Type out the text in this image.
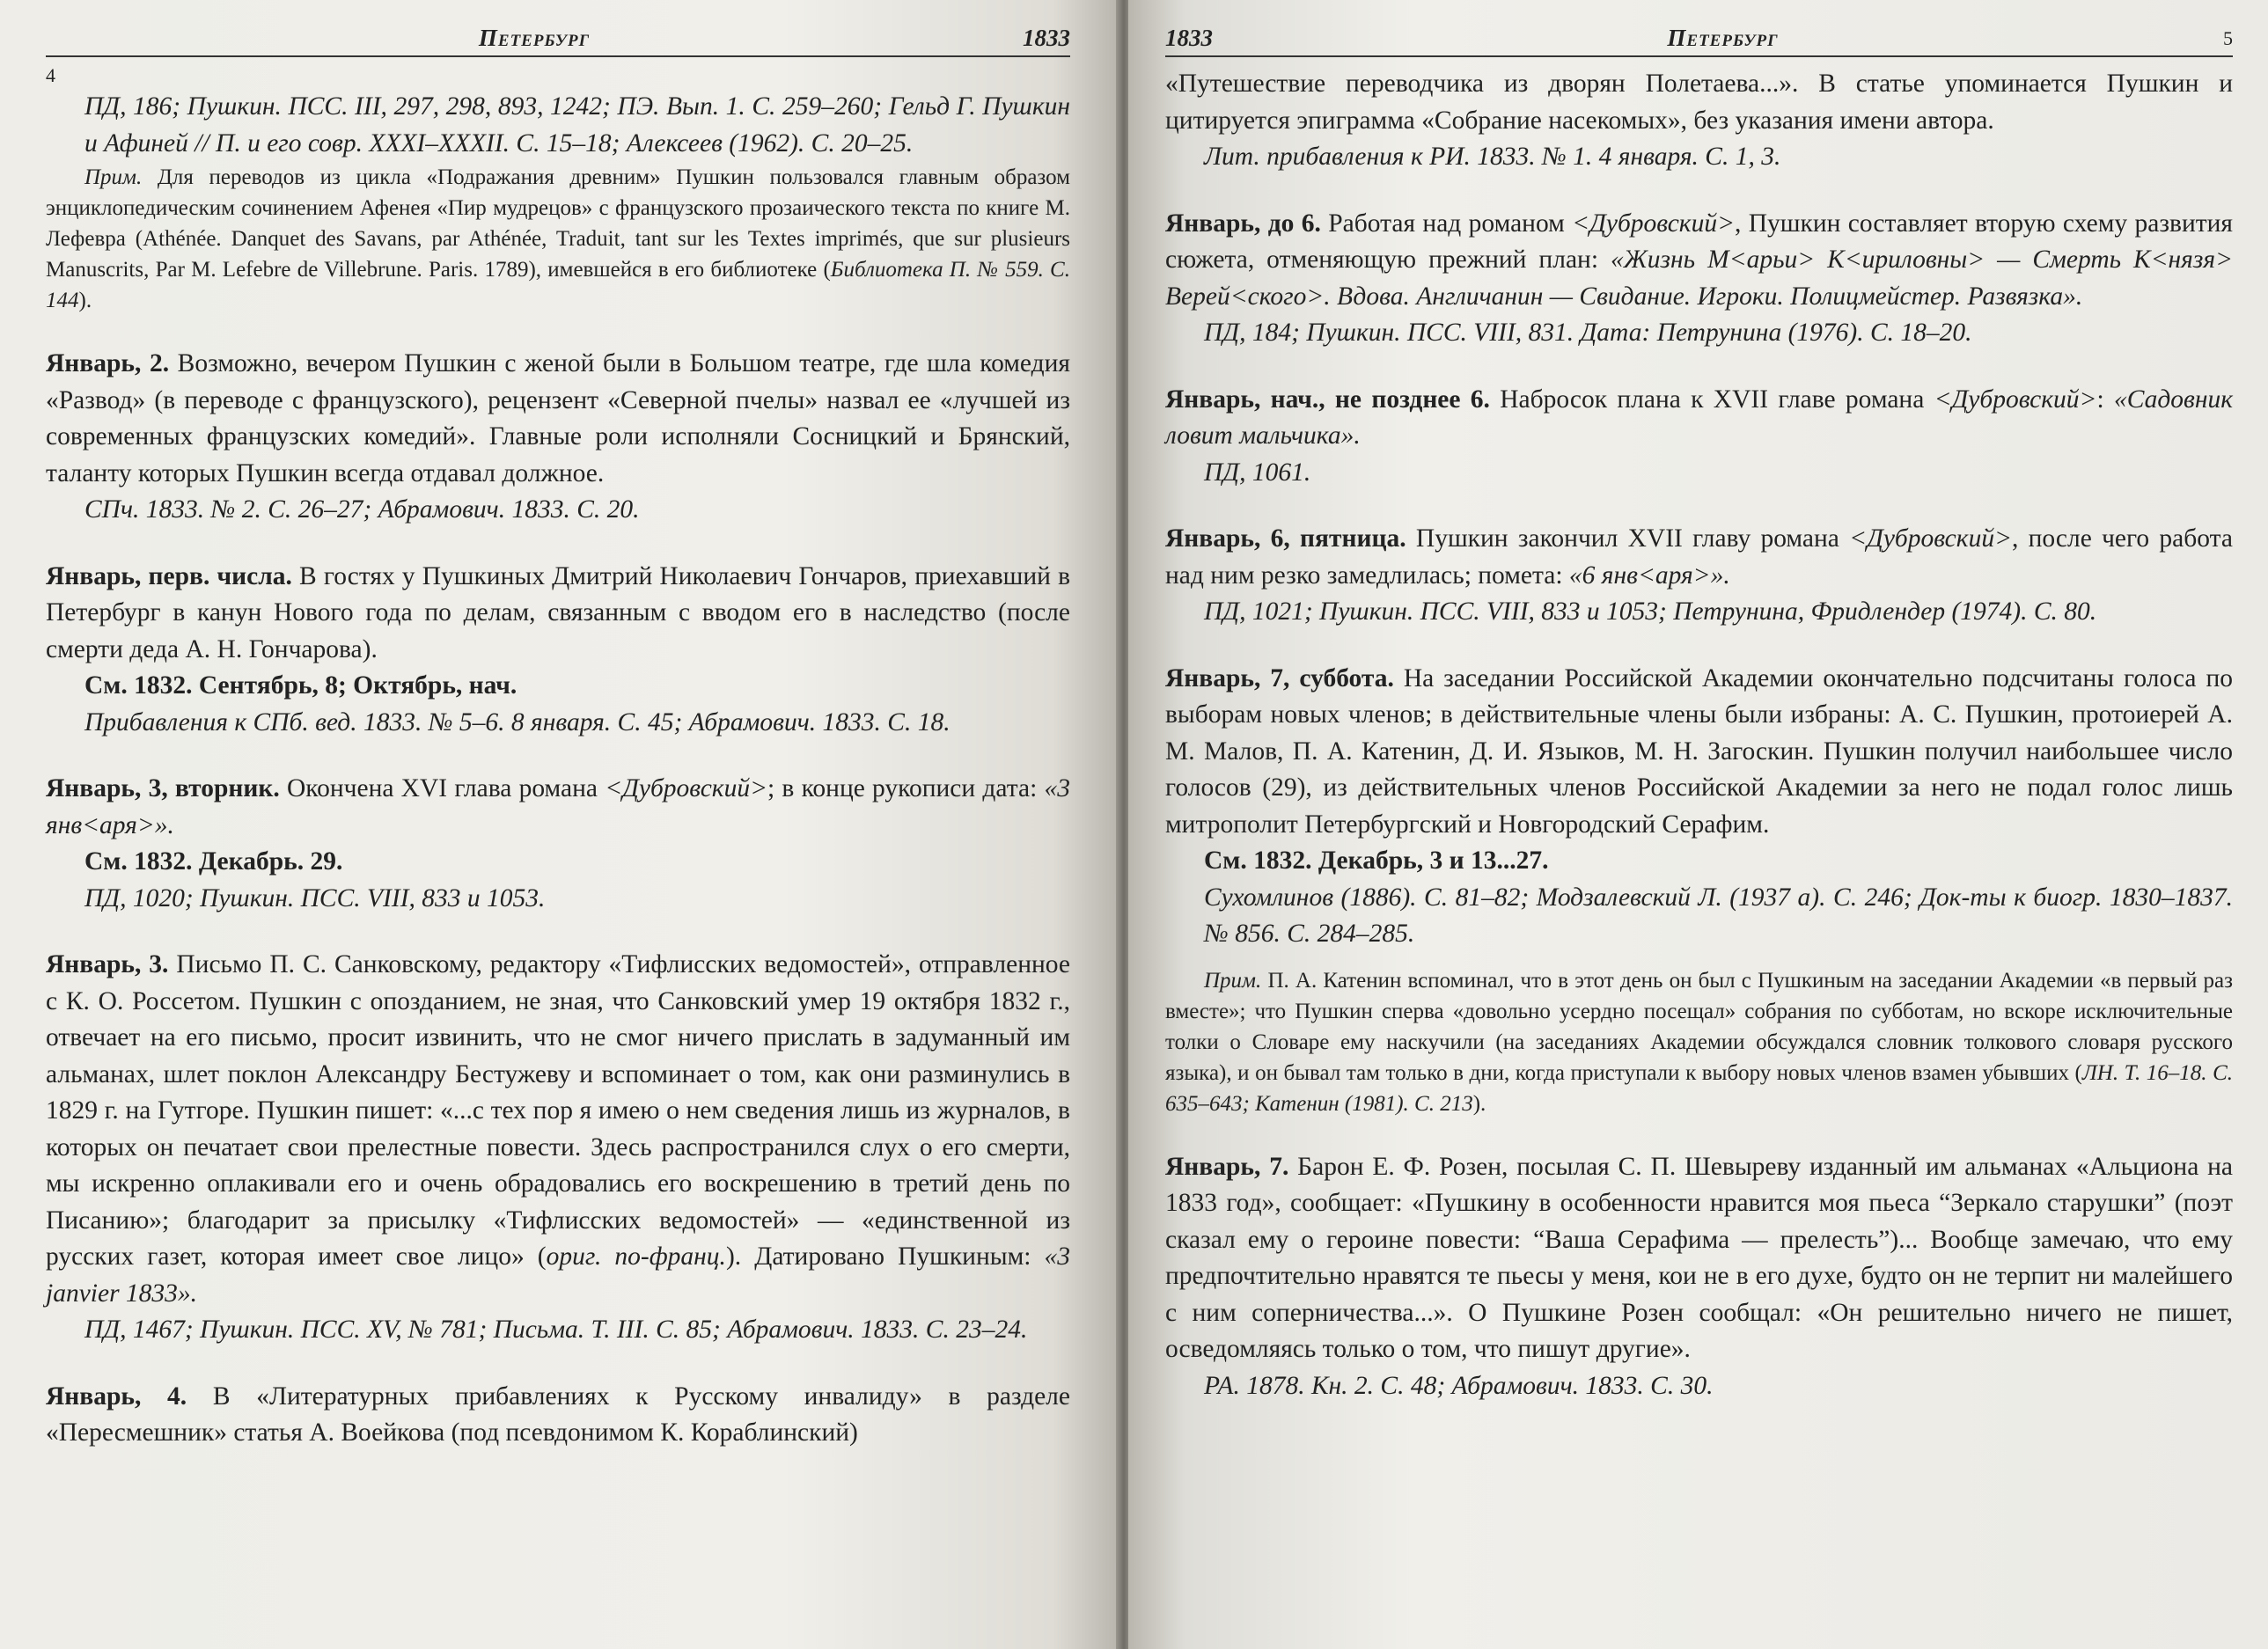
Петербург	1833
4

ПД, 186; Пушкин. ПСС. III, 297, 298, 893, 1242; ПЭ. Вып. 1. С. 259–260; Гельд Г. Пушкин и Афиней // П. и его совр. XXXI–XXXII. С. 15–18; Алексеев (1962). С. 20–25.

Прим. Для переводов из цикла «Подражания древним» Пушкин пользовался главным образом энциклопедическим сочинением Афенея «Пир мудрецов» с французского прозаического текста по книге М. Лефевра (Athénée. Danquet des Savans, par Athénée, Traduit, tant sur les Textes imprimés, que sur plusieurs Manuscrits, Par M. Lefebre de Villebrune. Paris. 1789), имевшейся в его библиотеке (Библиотека П. № 559. С. 144).

Январь, 2. Возможно, вечером Пушкин с женой были в Большом театре, где шла комедия «Развод» (в переводе с французского), рецензент «Северной пчелы» назвал ее «лучшей из современных французских комедий». Главные роли исполняли Сосницкий и Брянский, таланту которых Пушкин всегда отдавал должное.

СПч. 1833. № 2. С. 26–27; Абрамович. 1833. С. 20.

Январь, перв. числа. В гостях у Пушкиных Дмитрий Николаевич Гончаров, приехавший в Петербург в канун Нового года по делам, связанным с вводом его в наследство (после смерти деда А. Н. Гончарова).

См. 1832. Сентябрь, 8; Октябрь, нач.

Прибавления к СПб. вед. 1833. № 5–6. 8 января. С. 45; Абрамович. 1833. С. 18.

Январь, 3, вторник. Окончена XVI глава романа <Дубровский>; в конце рукописи дата: «3 янв<аря>».

См. 1832. Декабрь. 29.

ПД, 1020; Пушкин. ПСС. VIII, 833 и 1053.

Январь, 3. Письмо П. С. Санковскому, редактору «Тифлисских ведомостей», отправленное с К. О. Россетом. Пушкин с опозданием, не зная, что Санковский умер 19 октября 1832 г., отвечает на его письмо, просит извинить, что не смог ничего прислать в задуманный им альманах, шлет поклон Александру Бестужеву и вспоминает о том, как они разминулись в 1829 г. на Гутгоре. Пушкин пишет: «...с тех пор я имею о нем сведения лишь из журналов, в которых он печатает свои прелестные повести. Здесь распространился слух о его смерти, мы искренно оплакивали его и очень обрадовались его воскрешению в третий день по Писанию»; благодарит за присылку «Тифлисских ведомостей» — «единственной из русских газет, которая имеет свое лицо» (ориг. по-франц.). Датировано Пушкиным: «3 janvier 1833».

ПД, 1467; Пушкин. ПСС. XV, № 781; Письма. Т. III. С. 85; Абрамович. 1833. С. 23–24.

Январь, 4. В «Литературных прибавлениях к Русскому инвалиду» в разделе «Пересмешник» статья А. Воейкова (под псевдонимом К. Кораблинский)

1833	Петербург	5

«Путешествие переводчика из дворян Полетаева...». В статье упоминается Пушкин и цитируется эпиграмма «Собрание насекомых», без указания имени автора.

Лит. прибавления к РИ. 1833. № 1. 4 января. С. 1, 3.

Январь, до 6. Работая над романом <Дубровский>, Пушкин составляет вторую схему развития сюжета, отменяющую прежний план: «Жизнь М<арьи> К<ириловны> — Смерть К<нязя> Верей<ского>. Вдова. Англичанин — Свидание. Игроки. Полицмейстер. Развязка».

ПД, 184; Пушкин. ПСС. VIII, 831. Дата: Петрунина (1976). С. 18–20.

Январь, нач., не позднее 6. Набросок плана к XVII главе романа <Дубровский>: «Садовник ловит мальчика».

ПД, 1061.

Январь, 6, пятница. Пушкин закончил XVII главу романа <Дубровский>, после чего работа над ним резко замедлилась; помета: «6 янв<аря>».

ПД, 1021; Пушкин. ПСС. VIII, 833 и 1053; Петрунина, Фридлендер (1974). С. 80.

Январь, 7, суббота. На заседании Российской Академии окончательно подсчитаны голоса по выборам новых членов; в действительные члены были избраны: А. С. Пушкин, протоиерей А. М. Малов, П. А. Катенин, Д. И. Языков, М. Н. Загоскин. Пушкин получил наибольшее число голосов (29), из действительных членов Российской Академии за него не подал голос лишь митрополит Петербургский и Новгородский Серафим.

См. 1832. Декабрь, 3 и 13...27.

Сухомлинов (1886). С. 81–82; Модзалевский Л. (1937 а). С. 246; Док-ты к биогр. 1830–1837. № 856. С. 284–285.

Прим. П. А. Катенин вспоминал, что в этот день он был с Пушкиным на заседании Академии «в первый раз вместе»; что Пушкин сперва «довольно усердно посещал» собрания по субботам, но вскоре исключительные толки о Словаре ему наскучили (на заседаниях Академии обсуждался словник толкового словаря русского языка), и он бывал там только в дни, когда приступали к выбору новых членов взамен убывших (ЛН. Т. 16–18. С. 635–643; Катенин (1981). С. 213).

Январь, 7. Барон Е. Ф. Розен, посылая С. П. Шевыреву изданный им альманах «Альциона на 1833 год», сообщает: «Пушкину в особенности нравится моя пьеса “Зеркало старушки” (поэт сказал ему о героине повести: “Ваша Серафима — прелесть”)... Вообще замечаю, что ему предпочтительно нравятся те пьесы у меня, кои не в его духе, будто он не терпит ни малейшего с ним соперничества...». О Пушкине Розен сообщал: «Он решительно ничего не пишет, осведомляясь только о том, что пишут другие».

РА. 1878. Кн. 2. С. 48; Абрамович. 1833. С. 30.
